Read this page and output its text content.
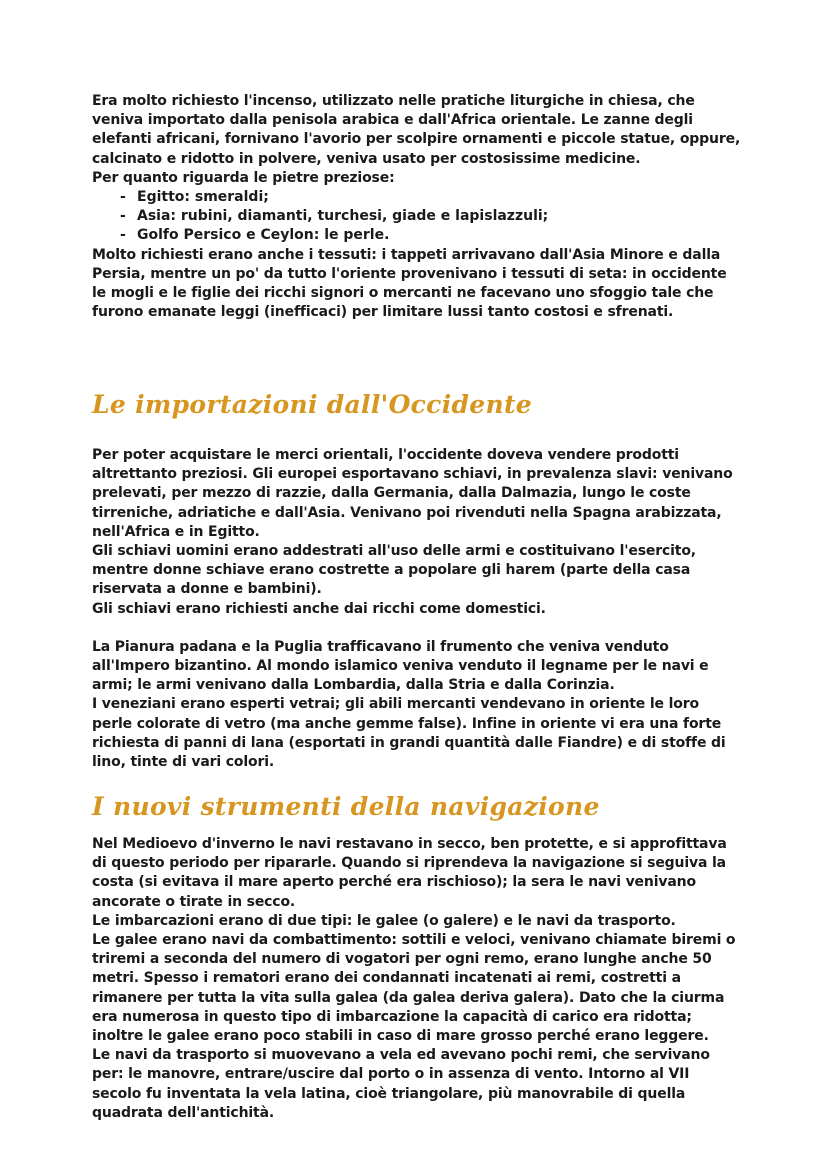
Era molto richiesto l'incenso, utilizzato nelle pratiche liturgiche in chiesa, che veniva importato dalla penisola arabica e dall'Africa orientale. Le zanne degli elefanti africani, fornivano l'avorio per scolpire ornamenti e piccole statue, oppure, calcinato e ridotto in polvere, veniva usato per costosissime medicine.

Per quanto riguarda le pietre preziose:

- Egitto: smeraldi;
- Asia: rubini, diamanti, turchesi, giade e lapislazzuli;
- Golfo Persico e Ceylon: le perle.

Molto richiesti erano anche i tessuti: i tappeti arrivavano dall'Asia Minore e dalla Persia, mentre un po' da tutto l'oriente provenivano i tessuti di seta: in occidente le mogli e le figlie dei ricchi signori o mercanti ne facevano uno sfoggio tale che furono emanate leggi (inefficaci) per limitare lussi tanto costosi e sfrenati.

Le importazioni dall'Occidente

Per poter acquistare le merci orientali, l'occidente doveva vendere prodotti altrettanto preziosi. Gli europei esportavano schiavi, in prevalenza slavi: venivano prelevati, per mezzo di razzie, dalla Germania, dalla Dalmazia, lungo le coste tirreniche, adriatiche e dall'Asia. Venivano poi rivenduti nella Spagna arabizzata, nell'Africa e in Egitto.

Gli schiavi uomini erano addestrati all'uso delle armi e costituivano l'esercito, mentre donne schiave erano costrette a popolare gli harem (parte della casa riservata a donne e bambini).

Gli schiavi erano richiesti anche dai ricchi come domestici.

La Pianura padana e la Puglia trafficavano il frumento che veniva venduto all'Impero bizantino. Al mondo islamico veniva venduto il legname per le navi e armi; le armi venivano dalla Lombardia, dalla Stria e dalla Corinzia.

I veneziani erano esperti vetrai; gli abili mercanti vendevano in oriente le loro perle colorate di vetro (ma anche gemme false). Infine in oriente vi era una forte richiesta di panni di lana (esportati in grandi quantità dalle Fiandre) e di stoffe di lino, tinte di vari colori.

I nuovi strumenti della navigazione

Nel Medioevo d'inverno le navi restavano in secco, ben protette, e si approfittava di questo periodo per ripararle. Quando si riprendeva la navigazione si seguiva la costa (si evitava il mare aperto perché era rischioso); la sera le navi venivano ancorate o tirate in secco.

Le imbarcazioni erano di due tipi: le galee (o galere) e le navi da trasporto.

Le galee erano navi da combattimento: sottili e veloci, venivano chiamate biremi o triremi a seconda del numero di vogatori per ogni remo, erano lunghe anche 50 metri. Spesso i rematori erano dei condannati incatenati ai remi, costretti a rimanere per tutta la vita sulla galea (da galea deriva galera). Dato che la ciurma era numerosa in questo tipo di imbarcazione la capacità di carico era ridotta; inoltre le galee erano poco stabili in caso di mare grosso perché erano leggere.

Le navi da trasporto si muovevano a vela ed avevano pochi remi, che servivano per: le manovre, entrare/uscire dal porto o in assenza di vento. Intorno al VII secolo fu inventata la vela latina, cioè triangolare, più manovrabile di quella quadrata dell'antichità.
